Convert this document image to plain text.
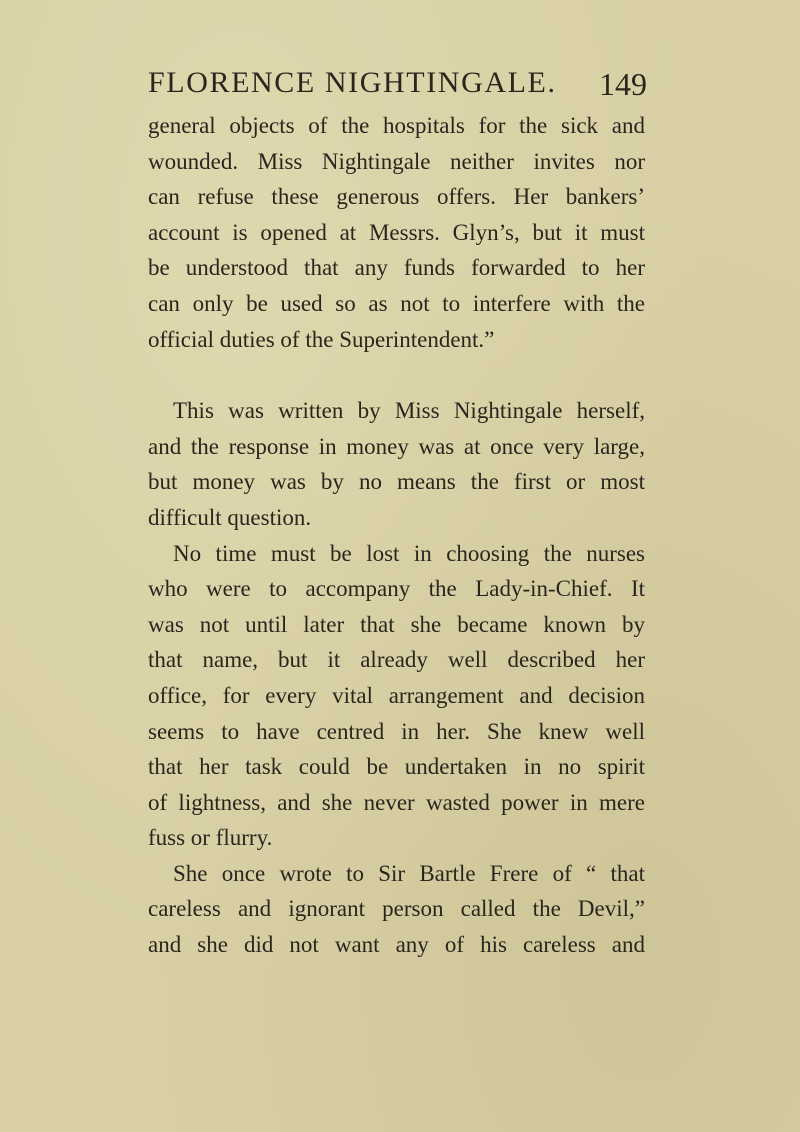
FLORENCE NIGHTINGALE. 149
general objects of the hospitals for the sick and
wounded. Miss Nightingale neither invites nor
can refuse these generous offers. Her bankers’
account is opened at Messrs. Glyn’s, but it must
be understood that any funds forwarded to her
can only be used so as not to interfere with the
official duties of the Superintendent.”
This was written by Miss Nightingale herself,
and the response in money was at once very large,
but money was by no means the first or most
difficult question.
No time must be lost in choosing the nurses
who were to accompany the Lady-in-Chief. It
was not until later that she became known by
that name, but it already well described her
office, for every vital arrangement and decision
seems to have centred in her. She knew well
that her task could be undertaken in no spirit
of lightness, and she never wasted power in mere
fuss or flurry.
She once wrote to Sir Bartle Frere of “ that
careless and ignorant person called the Devil,”
and she did not want any of his careless and
